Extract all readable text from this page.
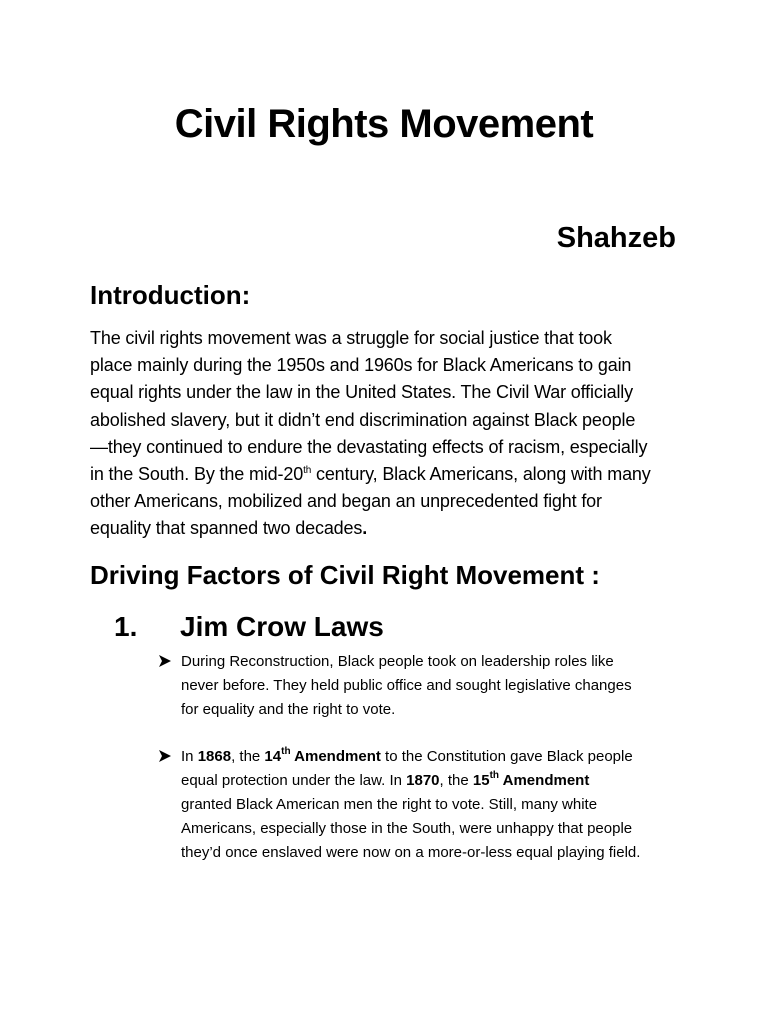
Civil Rights Movement
Shahzeb
Introduction:

The civil rights movement was a struggle for social justice that took
place mainly during the 1950s and 1960s for Black Americans to gain
equal rights under the law in the United States. The Civil War officially
abolished slavery, but it didn’t end discrimination against Black people
—they continued to endure the devastating effects of racism, especially
in the South. By the mid-20th century, Black Americans, along with many
other Americans, mobilized and began an unprecedented fight for
equality that spanned two decades.

Driving Factors of Civil Right Movement :
1. Jim Crow Laws

During Reconstruction, Black people took on leadership roles like
never before. They held public office and sought legislative changes
for equality and the right to vote.

In 1868, the 14th Amendment to the Constitution gave Black people
equal protection under the law. In 1870, the 15th Amendment
granted Black American men the right to vote. Still, many white
Americans, especially those in the South, were unhappy that people
they’d once enslaved were now on a more-or-less equal playing field.
